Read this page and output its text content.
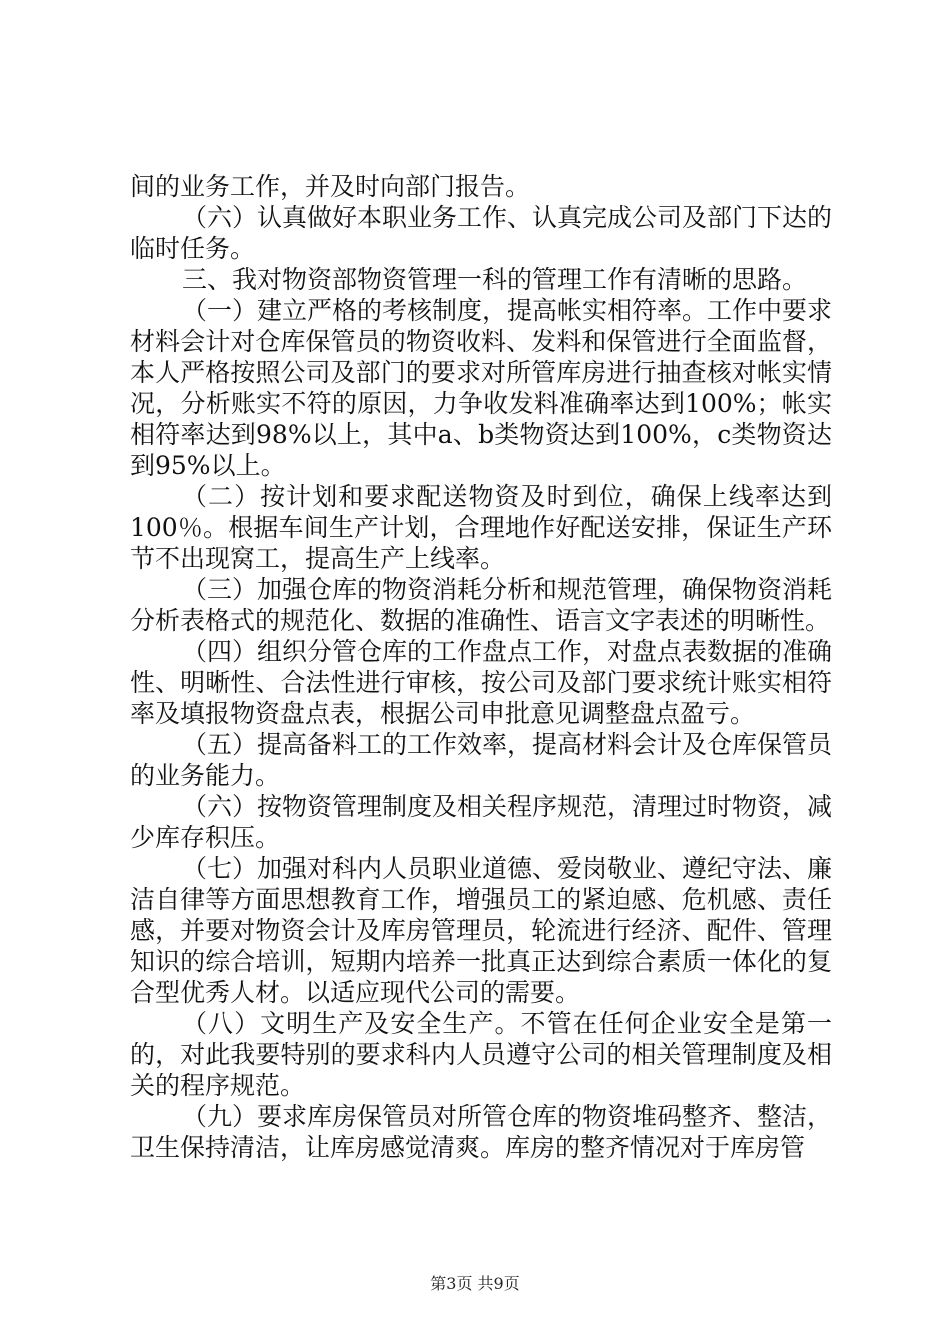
间的业务工作，并及时向部门报告。

（六）认真做好本职业务工作、认真完成公司及部门下达的临时任务。

三、我对物资部物资管理一科的管理工作有清晰的思路。

（一）建立严格的考核制度，提高帐实相符率。工作中要求材料会计对仓库保管员的物资收料、发料和保管进行全面监督，本人严格按照公司及部门的要求对所管库房进行抽查核对帐实情况，分析账实不符的原因，力争收发料准确率达到100%；帐实相符率达到98%以上，其中a、b类物资达到100%，c类物资达到95%以上。

（二）按计划和要求配送物资及时到位，确保上线率达到100％。根据车间生产计划，合理地作好配送安排，保证生产环节不出现窝工，提高生产上线率。

（三）加强仓库的物资消耗分析和规范管理，确保物资消耗分析表格式的规范化、数据的准确性、语言文字表述的明晰性。

（四）组织分管仓库的工作盘点工作，对盘点表数据的准确性、明晰性、合法性进行审核，按公司及部门要求统计账实相符率及填报物资盘点表，根据公司申批意见调整盘点盈亏。

（五）提高备料工的工作效率，提高材料会计及仓库保管员的业务能力。

（六）按物资管理制度及相关程序规范，清理过时物资，减少库存积压。

（七）加强对科内人员职业道德、爱岗敬业、遵纪守法、廉洁自律等方面思想教育工作，增强员工的紧迫感、危机感、责任感，并要对物资会计及库房管理员，轮流进行经济、配件、管理知识的综合培训，短期内培养一批真正达到综合素质一体化的复合型优秀人材。以适应现代公司的需要。

（八）文明生产及安全生产。不管在任何企业安全是第一的，对此我要特别的要求科内人员遵守公司的相关管理制度及相关的程序规范。

（九）要求库房保管员对所管仓库的物资堆码整齐、整洁，卫生保持清洁，让库房感觉清爽。库房的整齐情况对于库房管

第3页 共9页
